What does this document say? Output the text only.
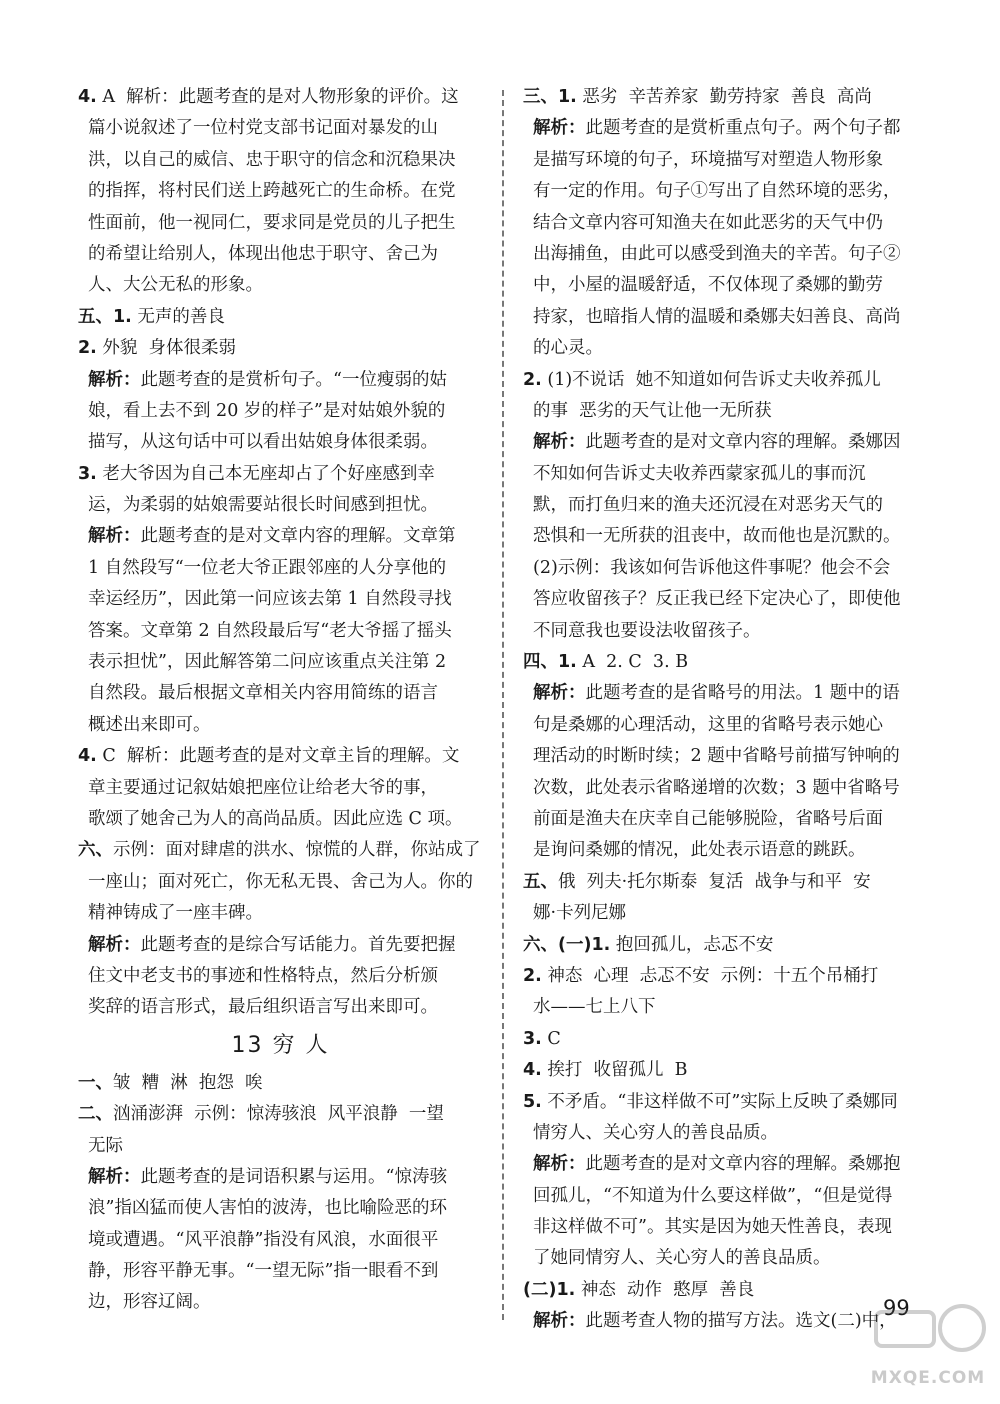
4. A  解析：此题考查的是对人物形象的评价。这
篇小说叙述了一位村党支部书记面对暴发的山
洪，以自己的威信、忠于职守的信念和沉稳果决
的指挥，将村民们送上跨越死亡的生命桥。在党
性面前，他一视同仁，要求同是党员的儿子把生
的希望让给别人，体现出他忠于职守、舍己为
人、大公无私的形象。
五、1. 无声的善良
2. 外貌  身体很柔弱
解析：此题考查的是赏析句子。“一位瘦弱的姑
娘，看上去不到 20 岁的样子”是对姑娘外貌的
描写，从这句话中可以看出姑娘身体很柔弱。
3. 老大爷因为自己本无座却占了个好座感到幸
运，为柔弱的姑娘需要站很长时间感到担忧。
解析：此题考查的是对文章内容的理解。文章第
1 自然段写“一位老大爷正跟邻座的人分享他的
幸运经历”，因此第一问应该去第 1 自然段寻找
答案。文章第 2 自然段最后写“老大爷摇了摇头
表示担忧”，因此解答第二问应该重点关注第 2
自然段。最后根据文章相关内容用简练的语言
概述出来即可。
4. C  解析：此题考查的是对文章主旨的理解。文
章主要通过记叙姑娘把座位让给老大爷的事，
歌颂了她舍己为人的高尚品质。因此应选 C 项。
六、示例：面对肆虐的洪水、惊慌的人群，你站成了
一座山；面对死亡，你无私无畏、舍己为人。你的
精神铸成了一座丰碑。
解析：此题考查的是综合写话能力。首先要把握
住文中老支书的事迹和性格特点，然后分析颁
奖辞的语言形式，最后组织语言写出来即可。
13 穷 人
一、皱  糟  淋  抱怨  唉
二、汹涌澎湃  示例：惊涛骇浪  风平浪静  一望
无际
解析：此题考查的是词语积累与运用。“惊涛骇
浪”指凶猛而使人害怕的波涛，也比喻险恶的环
境或遭遇。“风平浪静”指没有风浪，水面很平
静，形容平静无事。“一望无际”指一眼看不到
边，形容辽阔。
三、1. 恶劣  辛苦养家  勤劳持家  善良  高尚
解析：此题考查的是赏析重点句子。两个句子都
是描写环境的句子，环境描写对塑造人物形象
有一定的作用。句子①写出了自然环境的恶劣，
结合文章内容可知渔夫在如此恶劣的天气中仍
出海捕鱼，由此可以感受到渔夫的辛苦。句子②
中，小屋的温暖舒适，不仅体现了桑娜的勤劳
持家，也暗指人情的温暖和桑娜夫妇善良、高尚
的心灵。
2. (1)不说话  她不知道如何告诉丈夫收养孤儿
的事  恶劣的天气让他一无所获
解析：此题考查的是对文章内容的理解。桑娜因
不知如何告诉丈夫收养西蒙家孤儿的事而沉
默，而打鱼归来的渔夫还沉浸在对恶劣天气的
恐惧和一无所获的沮丧中，故而他也是沉默的。
(2)示例：我该如何告诉他这件事呢？他会不会
答应收留孩子？反正我已经下定决心了，即使他
不同意我也要设法收留孩子。
四、1. A  2. C  3. B
解析：此题考查的是省略号的用法。1 题中的语
句是桑娜的心理活动，这里的省略号表示她心
理活动的时断时续；2 题中省略号前描写钟响的
次数，此处表示省略递增的次数；3 题中省略号
前面是渔夫在庆幸自己能够脱险，省略号后面
是询问桑娜的情况，此处表示语意的跳跃。
五、俄  列夫·托尔斯泰  复活  战争与和平  安
娜·卡列尼娜
六、(一)1. 抱回孤儿，忐忑不安
2. 神态  心理  忐忑不安  示例：十五个吊桶打
水——七上八下
3. C
4. 挨打  收留孤儿  B
5. 不矛盾。“非这样做不可”实际上反映了桑娜同
情穷人、关心穷人的善良品质。
解析：此题考查的是对文章内容的理解。桑娜抱
回孤儿，“不知道为什么要这样做”，“但是觉得
非这样做不可”。其实是因为她天性善良，表现
了她同情穷人、关心穷人的善良品质。
(二)1. 神态  动作  憨厚  善良
解析：此题考查人物的描写方法。选文(二)中，
99
MXQE.COM
